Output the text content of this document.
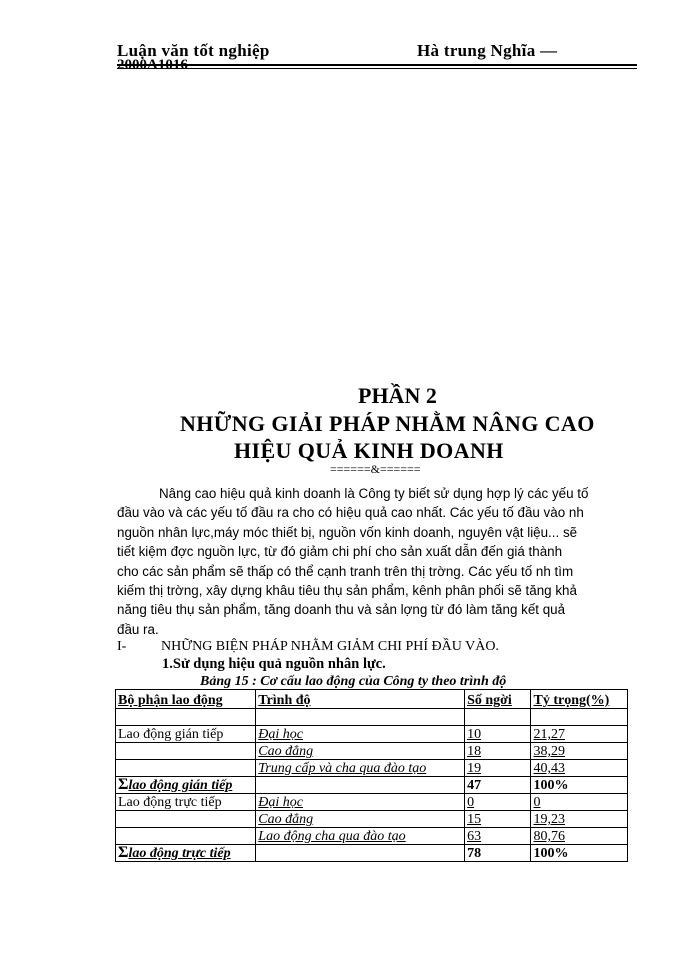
Luận văn tốt nghiệp	Hà trung Nghĩa —
2000A1016
PHẦN 2
NHỮNG GIẢI PHÁP NHẰM NÂNG CAO
HIỆU QUẢ KINH DOANH
======&======
Nâng cao hiệu quả kinh doanh là Công ty biết sử dụng hợp lý các yếu tố
đầu vào và các yếu tố đầu ra cho có hiệu quả cao nhất. Các yếu tố đầu vào nh
nguồn nhân lực,máy móc thiết bị, nguồn vốn kinh doanh, nguyên vật liệu... sẽ
tiết kiệm đợc nguồn lực, từ đó giảm chi phí cho sản xuất dẫn đến giá thành
cho các sản phẩm sẽ thấp có thể cạnh tranh trên thị trờng. Các yếu tố nh tìm
kiếm thị trờng, xây dựng khâu tiêu thụ sản phẩm, kênh phân phối sẽ tăng khả
năng tiêu thụ sản phẩm, tăng doanh thu và sản lợng từ đó làm tăng kết quả
đầu ra.
I- NHỮNG BIỆN PHÁP NHẰM GIẢM CHI PHÍ ĐẦU VÀO.
1.Sử dụng hiệu quả nguồn nhân lực.
Bảng 15 : Cơ cấu lao động của Công ty theo trình độ
Bộ phận lao động	Trình độ	Số ngời	Tỷ trọng(%)

Lao động gián tiếp	Đại học	10	21,27
	Cao đẳng	18	38,29
	Trung cấp và cha qua đào tạo	19	40,43
Σlao động gián tiếp		47	100%
Lao động trực tiếp	Đại học	0	0
	Cao đẳng	15	19,23
	Lao động cha qua đào tạo	63	80,76
Σlao động trực tiếp		78	100%
